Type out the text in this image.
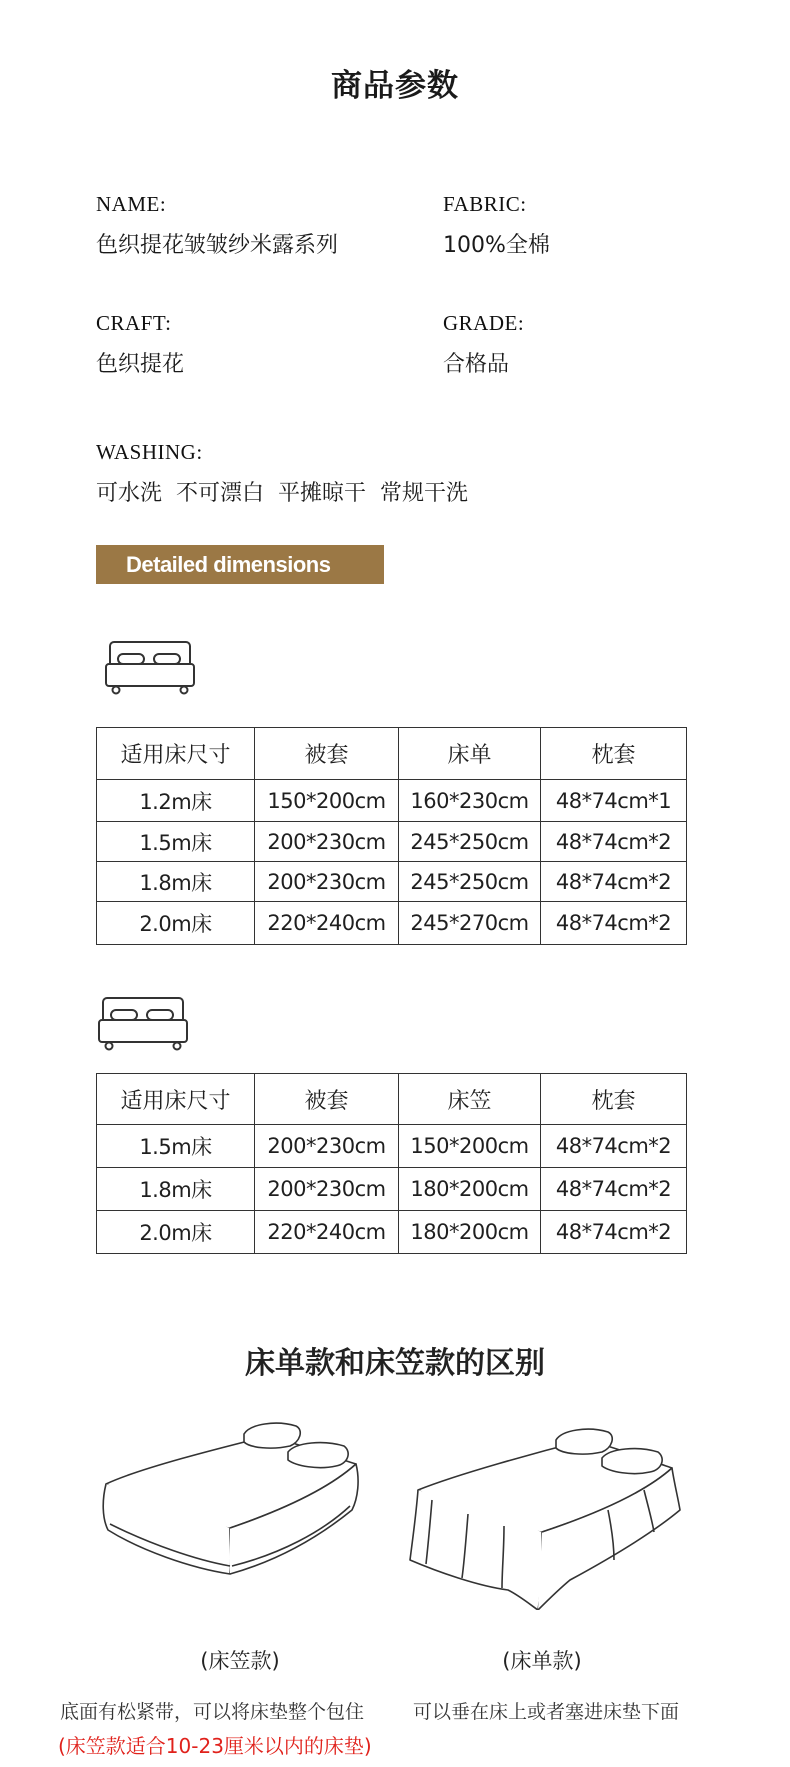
商品参数
NAME:
色织提花皱皱纱米露系列
FABRIC:
100%全棉
CRAFT:
色织提花
GRADE:
合格品
WASHING:
可水洗  不可漂白  平摊晾干  常规干洗
Detailed dimensions
适用床尺寸	被套	床单	枕套
1.2m床	150*200cm	160*230cm	48*74cm*1
1.5m床	200*230cm	245*250cm	48*74cm*2
1.8m床	200*230cm	245*250cm	48*74cm*2
2.0m床	220*240cm	245*270cm	48*74cm*2
适用床尺寸	被套	床笠	枕套
1.5m床	200*230cm	150*200cm	48*74cm*2
1.8m床	200*230cm	180*200cm	48*74cm*2
2.0m床	220*240cm	180*200cm	48*74cm*2
床单款和床笠款的区别
(床笠款)	(床单款)
底面有松紧带，可以将床垫整个包住	可以垂在床上或者塞进床垫下面
(床笠款适合10-23厘米以内的床垫)
